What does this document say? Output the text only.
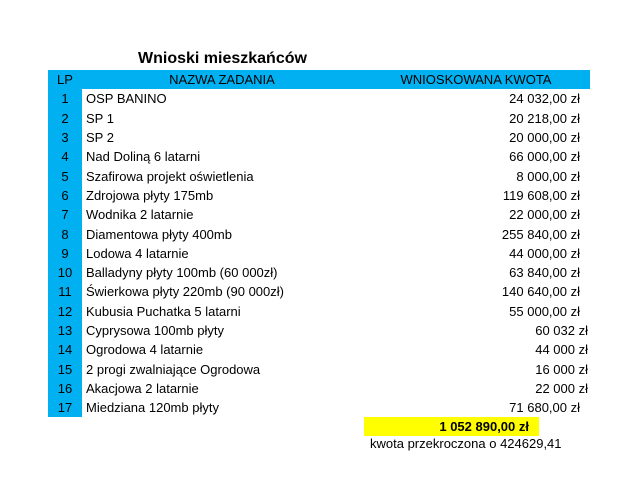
Wnioski mieszkańców
LP	NAZWA ZADANIA	WNIOSKOWANA KWOTA
1	OSP BANINO	24 032,00 zł
2	SP 1	20 218,00 zł
3	SP 2	20 000,00 zł
4	Nad Doliną 6 latarni	66 000,00 zł
5	Szafirowa projekt oświetlenia	8 000,00 zł
6	Zdrojowa płyty 175mb	119 608,00 zł
7	Wodnika 2 latarnie	22 000,00 zł
8	Diamentowa płyty 400mb	255 840,00 zł
9	Lodowa 4 latarnie	44 000,00 zł
10	Balladyny płyty 100mb (60 000zł)	63 840,00 zł
11	Świerkowa płyty 220mb (90 000zł)	140 640,00 zł
12	Kubusia Puchatka 5 latarni	55 000,00 zł
13	Cyprysowa 100mb płyty	60 032 zł
14	Ogrodowa 4 latarnie	44 000 zł
15	2 progi zwalniające Ogrodowa	16 000 zł
16	Akacjowa 2 latarnie	22 000 zł
17	Miedziana 120mb płyty	71 680,00 zł
1 052 890,00 zł
kwota przekroczona o 424629,41
